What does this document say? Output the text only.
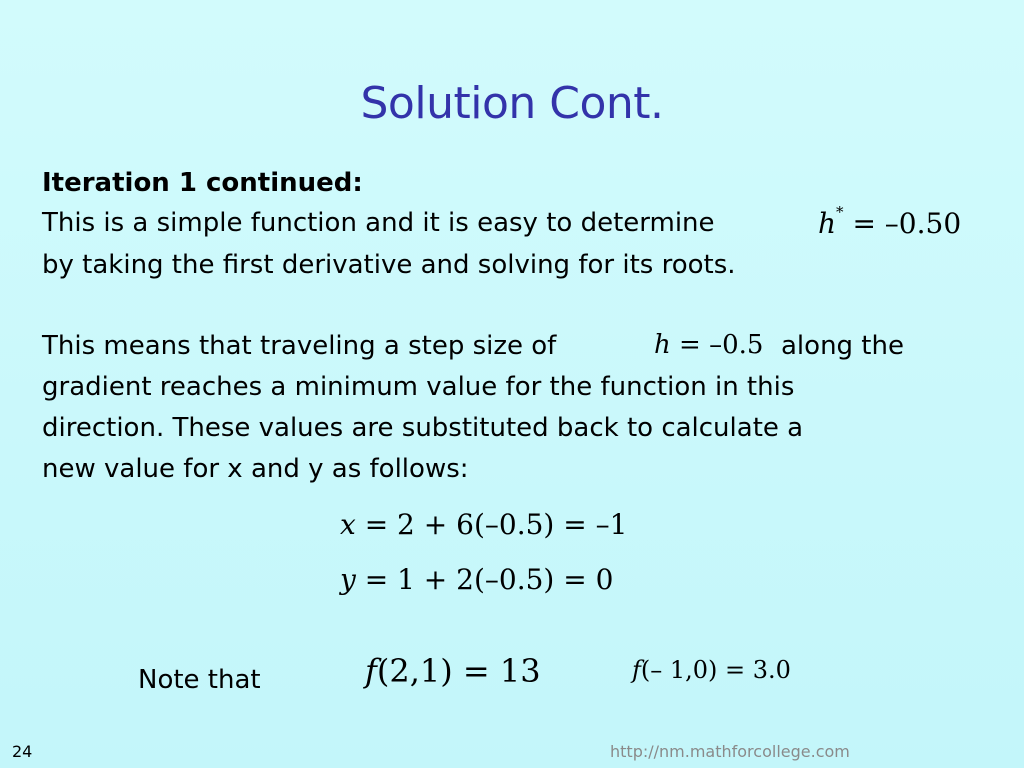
Solution Cont.
Iteration 1 continued:
This is a simple function and it is easy to determine	h* = –0.50
by taking the first derivative and solving for its roots.
This means that traveling a step size of	h = –0.5 along the
gradient reaches a minimum value for the function in this
direction. These values are substituted back to calculate a
new value for x and y as follows:
x = 2 + 6(–0.5) = –1
y = 1 + 2(–0.5) = 0
Note that	f(2,1) = 13	f(– 1,0) = 3.0
24	http://nm.mathforcollege.com
